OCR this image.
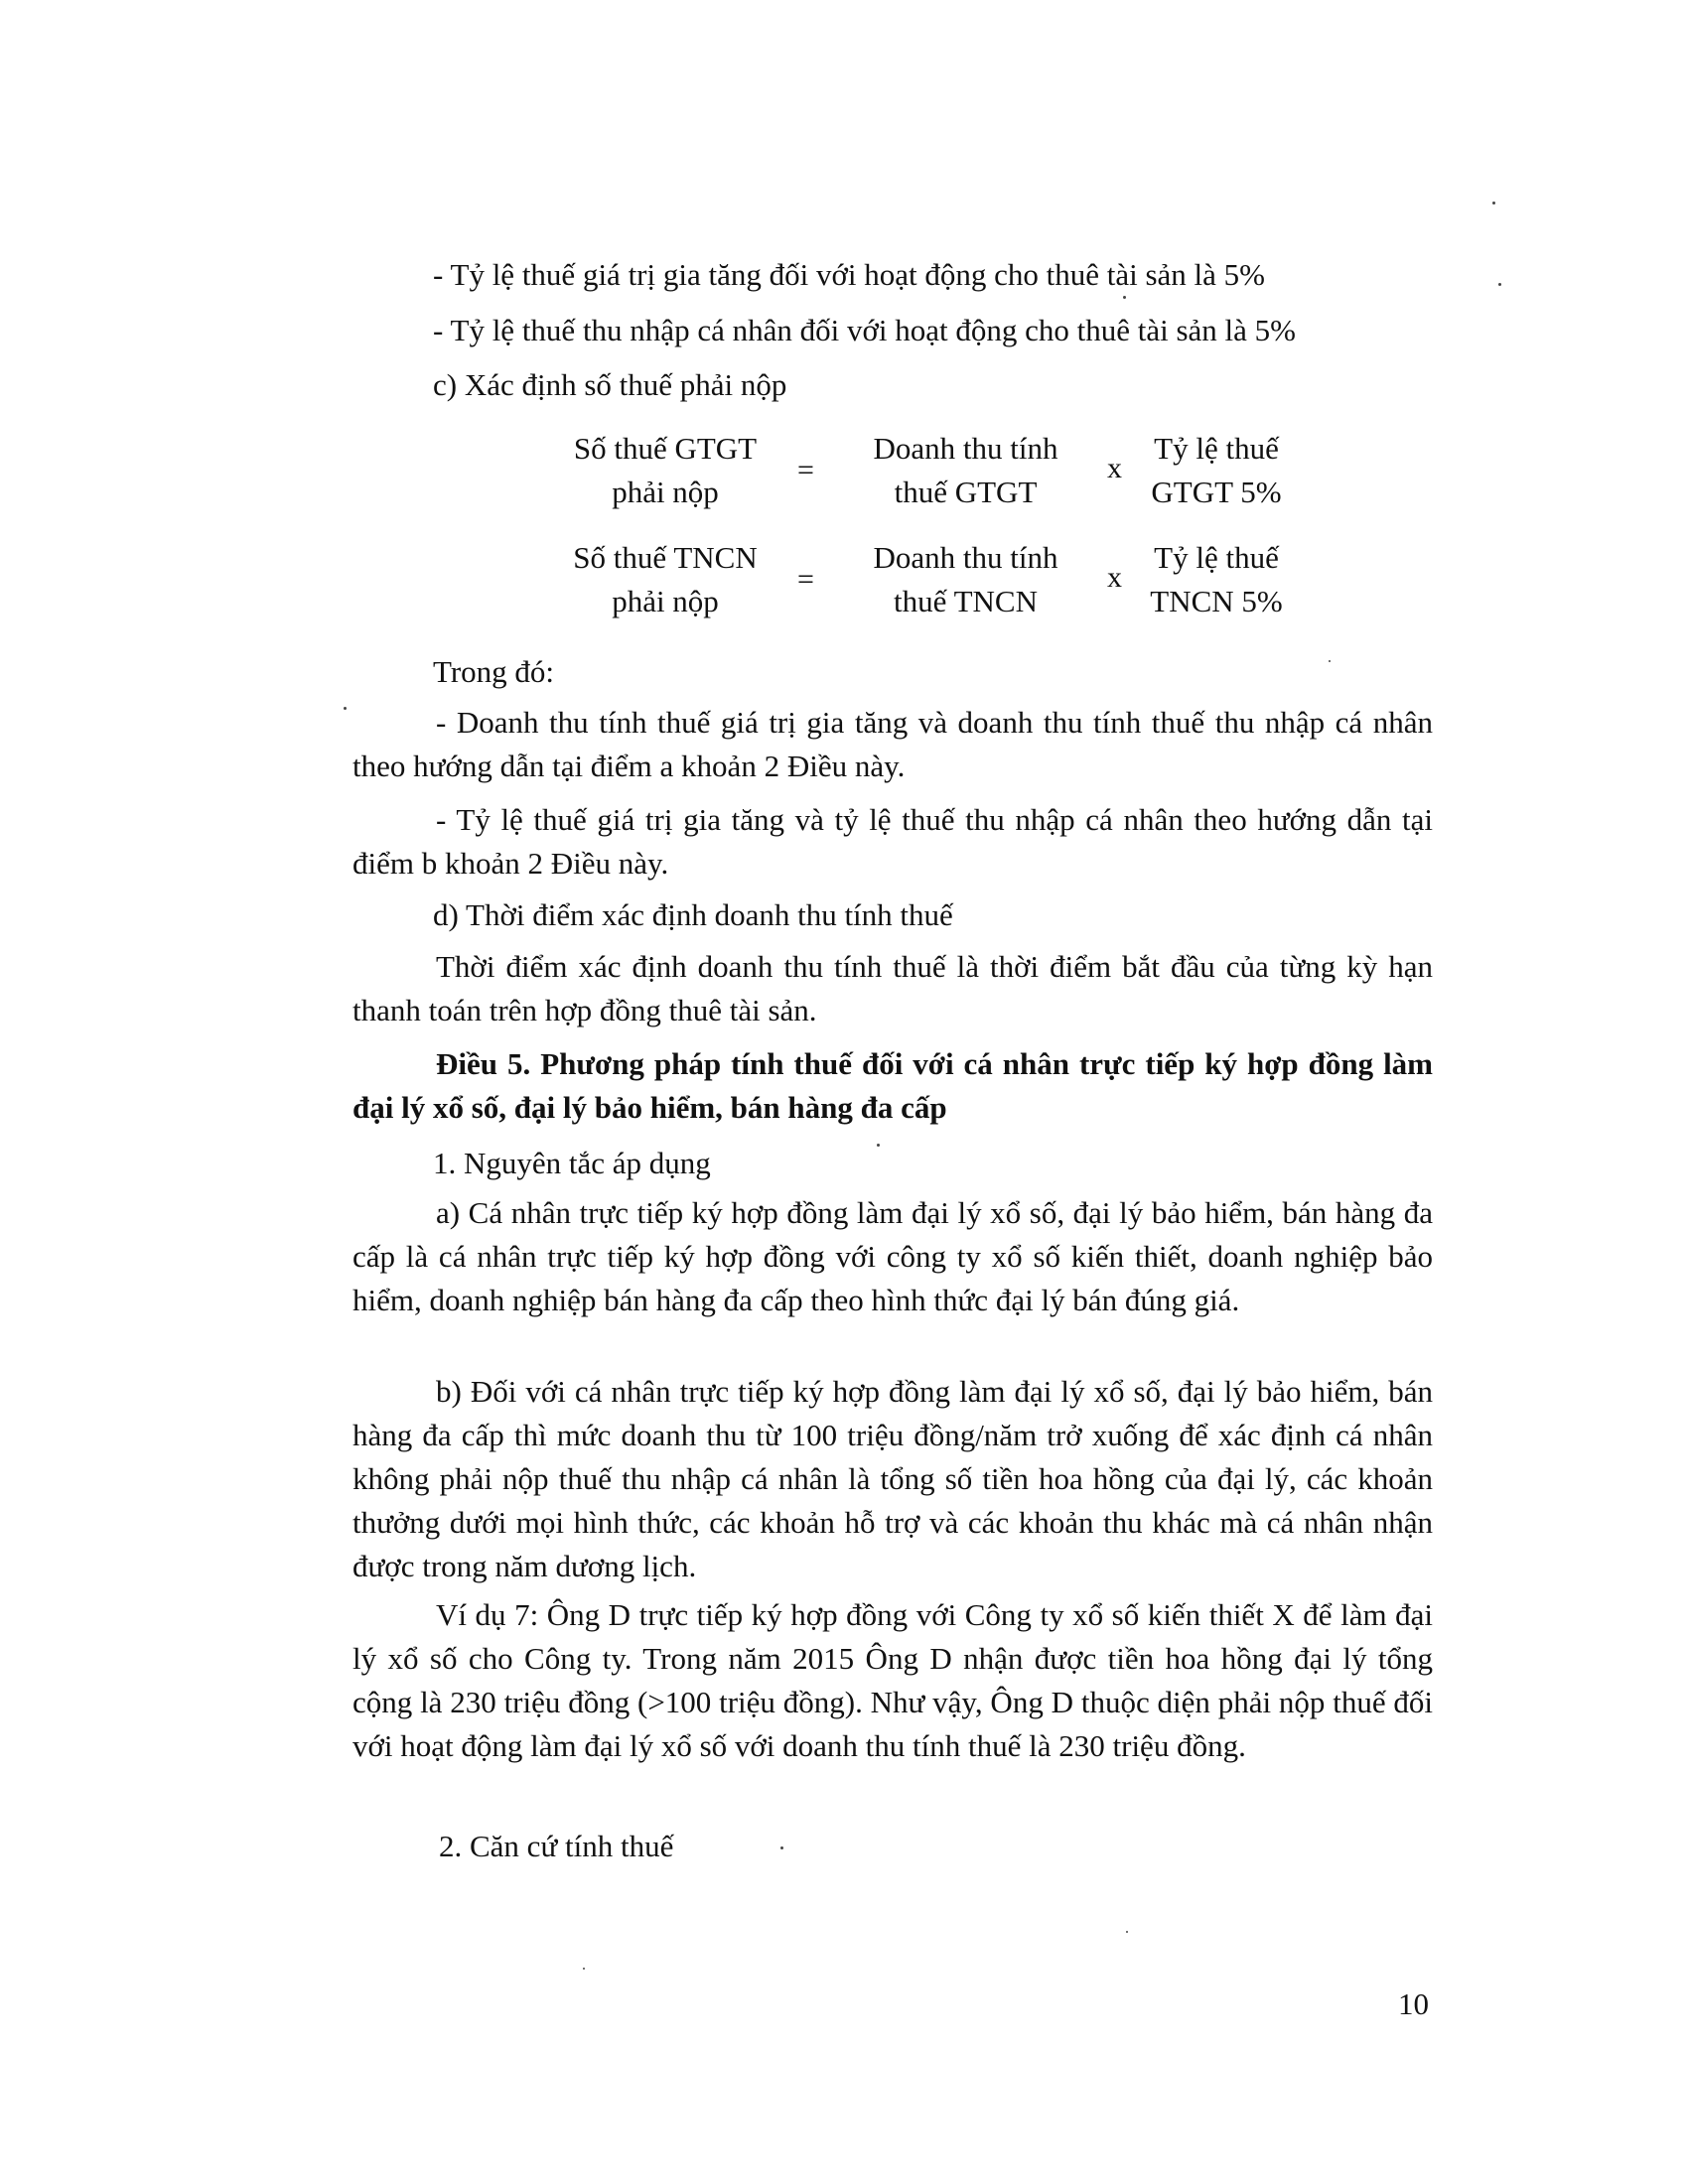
- Tỷ lệ thuế giá trị gia tăng đối với hoạt động cho thuê tài sản là 5%

- Tỷ lệ thuế thu nhập cá nhân đối với hoạt động cho thuê tài sản là 5%

c) Xác định số thuế phải nộp

Số thuế GTGT
phải nộp
=
Doanh thu tính
thuế GTGT
x
Tỷ lệ thuế
GTGT 5%
Số thuế TNCN
phải nộp
=
Doanh thu tính
thuế TNCN
x
Tỷ lệ thuế
TNCN 5%

Trong đó:

- Doanh thu tính thuế giá trị gia tăng và doanh thu tính thuế thu nhập cá nhân theo hướng dẫn tại điểm a khoản 2 Điều này.

- Tỷ lệ thuế giá trị gia tăng và tỷ lệ thuế thu nhập cá nhân theo hướng dẫn tại điểm b khoản 2 Điều này.

d) Thời điểm xác định doanh thu tính thuế

Thời điểm xác định doanh thu tính thuế là thời điểm bắt đầu của từng kỳ hạn thanh toán trên hợp đồng thuê tài sản.

Điều 5. Phương pháp tính thuế đối với cá nhân trực tiếp ký hợp đồng làm đại lý xổ số, đại lý bảo hiểm, bán hàng đa cấp

1. Nguyên tắc áp dụng

a) Cá nhân trực tiếp ký hợp đồng làm đại lý xổ số, đại lý bảo hiểm, bán hàng đa cấp là cá nhân trực tiếp ký hợp đồng với công ty xổ số kiến thiết, doanh nghiệp bảo hiểm, doanh nghiệp bán hàng đa cấp theo hình thức đại lý bán đúng giá.

b) Đối với cá nhân trực tiếp ký hợp đồng làm đại lý xổ số, đại lý bảo hiểm, bán hàng đa cấp thì mức doanh thu từ 100 triệu đồng/năm trở xuống để xác định cá nhân không phải nộp thuế thu nhập cá nhân là tổng số tiền hoa hồng của đại lý, các khoản thưởng dưới mọi hình thức, các khoản hỗ trợ và các khoản thu khác mà cá nhân nhận được trong năm dương lịch.

Ví dụ 7: Ông D trực tiếp ký hợp đồng với Công ty xổ số kiến thiết X để làm đại lý xổ số cho Công ty. Trong năm 2015 Ông D nhận được tiền hoa hồng đại lý tổng cộng là 230 triệu đồng (>100 triệu đồng). Như vậy, Ông D thuộc diện phải nộp thuế đối với hoạt động làm đại lý xổ số với doanh thu tính thuế là 230 triệu đồng.

2. Căn cứ tính thuế

10
